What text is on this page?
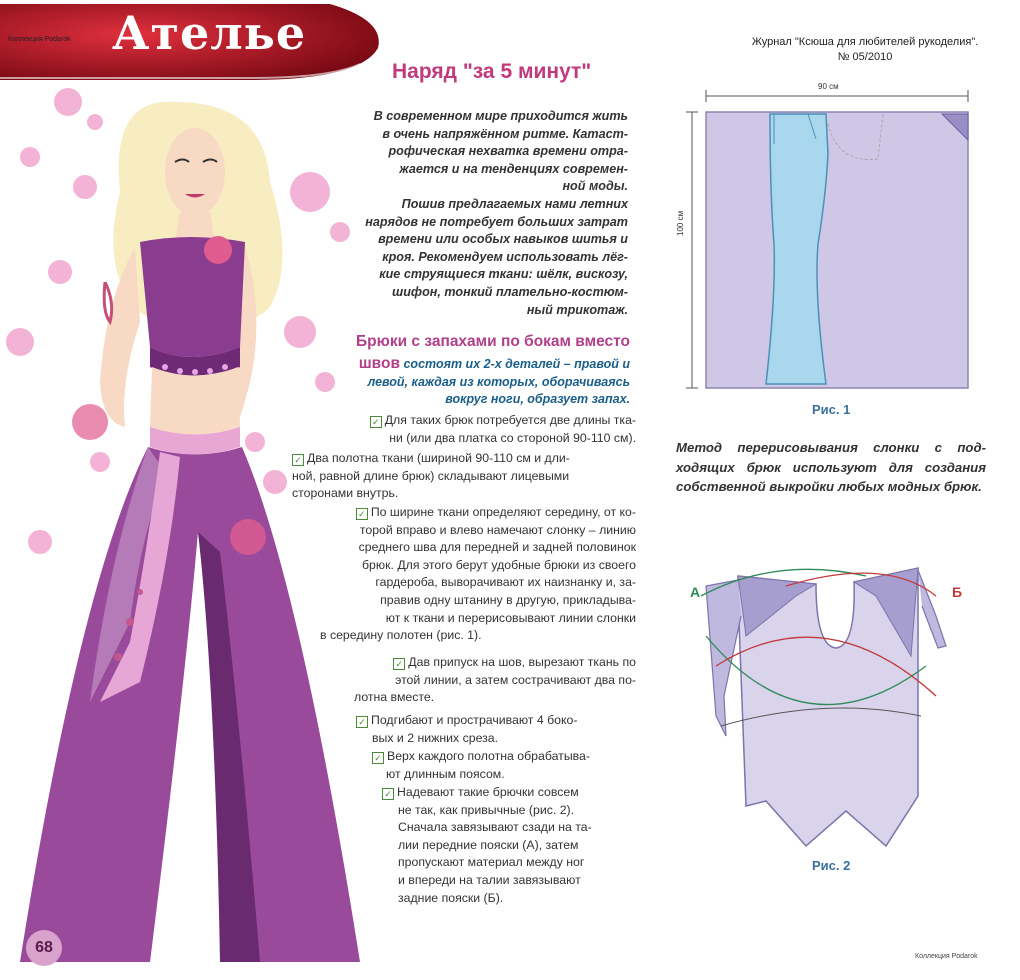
Коллекция Podarok Ателье
Наряд "за 5 минут"
В современном мире приходится жить
в очень напряжённом ритме. Катаст-
рофическая нехватка времени отра-
жается и на тенденциях современ-
ной моды.
Пошив предлагаемых нами летних
нарядов не потребует больших затрат
времени или особых навыков шитья и
кроя. Рекомендуем использовать лёг-
кие струящиеся ткани: шёлк, вискозу,
шифон, тонкий плательно-костюм-
ный трикотаж.
Брюки с запахами по бокам вместо
швов состоят их 2-х деталей – правой и
левой, каждая из которых, оборачиваясь
вокруг ноги, образует запах.
✓ Для таких брюк потребуется две длины тка-
ни (или два платка со стороной 90-110 см).
✓ Два полотна ткани (шириной 90-110 см и дли-
ной, равной длине брюк) складывают лицевыми
сторонами внутрь.
✓ По ширине ткани определяют середину, от ко-
торой вправо и влево намечают слонку – линию
среднего шва для передней и задней половинок
брюк. Для этого берут удобные брюки из своего
гардероба, выворачивают их наизнанку и, за-
правив одну штанину в другую, прикладыва-
ют к ткани и перерисовывают линии слонки
в середину полотен (рис. 1).
✓ Дав припуск на шов, вырезают ткань по
этой линии, а затем сострачивают два по-
лотна вместе.
✓ Подгибают и прострачивают 4 боко-
вых и 2 нижних среза.
✓ Верх каждого полотна обрабатыва-
ют длинным поясом.
✓ Надевают такие брючки совсем
не так, как привычные (рис. 2).
Сначала завязывают сзади на та-
лии передние пояски (А), затем
пропускают материал между ног
и впереди на талии завязывают
задние пояски (Б).
Журнал "Ксюша для любителей рукоделия".
№ 05/2010
90 см
100 см
Рис. 1
Метод перерисовывания слонки с под-ходящих брюк используют для создания собственной выкройки любых модных брюк.
А	Б
Рис. 2
68
Коллекция Podarok
